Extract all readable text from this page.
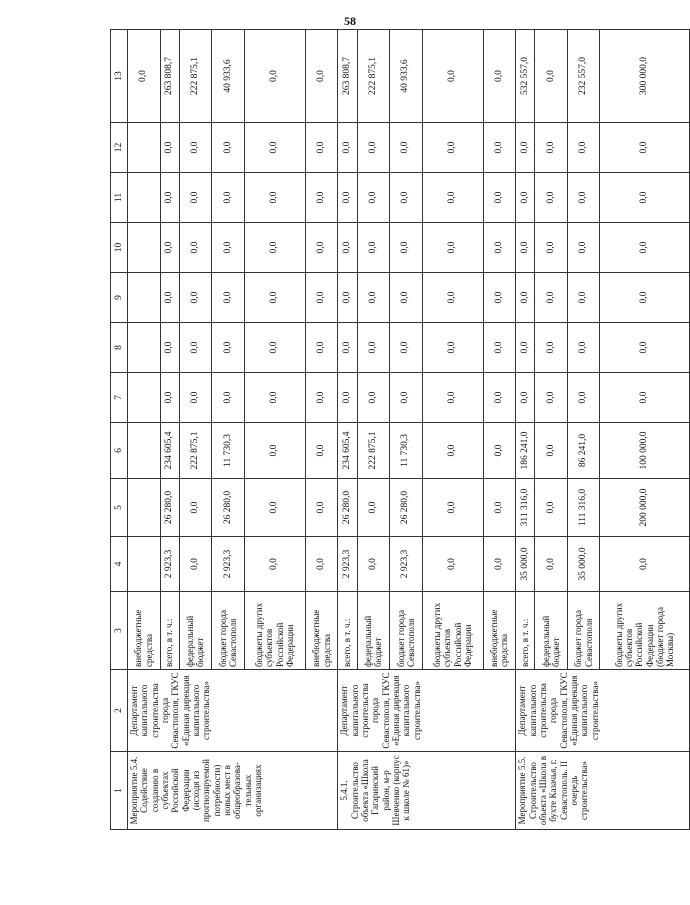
58
1	2	3	4	5	6	7	8	9	10	11	12	13
Мероприятие 5.4. Содействие созданию в субъектах Российской Федерации (исходя из прогнозируемой потребности) новых мест в общеобразова-тельных организациях	Департамент капитального строительства города Севастополя, ГКУС «Единая дирекция капитального строительства»	внебюджетные средства										0,0
		всего, в т. ч.:	2 923,3	26 280,0	234 605,4	0,0	0,0	0,0	0,0	0,0	0,0	263 808,7
		федеральный бюджет	0,0	0,0	222 875,1	0,0	0,0	0,0	0,0	0,0	0,0	222 875,1
		бюджет города Севастополя	2 923,3	26 280,0	11 730,3	0,0	0,0	0,0	0,0	0,0	0,0	40 933,6
		бюджеты других субъектов Российской Федерации	0,0	0,0	0,0	0,0	0,0	0,0	0,0	0,0	0,0	0,0
		внебюджетные средства	0,0	0,0	0,0	0,0	0,0	0,0	0,0	0,0	0,0	0,0
5.4.1. Строительство объекта «Школа Гагаринский район, м-р Шевченко (корпус к школе № 61)»	Департамент капитального строительства города Севастополя, ГКУС «Единая дирекция капитального строительства»	всего, в т. ч.:	2 923,3	26 280,0	234 605,4	0,0	0,0	0,0	0,0	0,0	0,0	263 808,7
		федеральный бюджет	0,0	0,0	222 875,1	0,0	0,0	0,0	0,0	0,0	0,0	222 875,1
		бюджет города Севастополя	2 923,3	26 280,0	11 730,3	0,0	0,0	0,0	0,0	0,0	0,0	40 933,6
		бюджеты других субъектов Российской Федерации	0,0	0,0	0,0	0,0	0,0	0,0	0,0	0,0	0,0	0,0
		внебюджетные средства	0,0	0,0	0,0	0,0	0,0	0,0	0,0	0,0	0,0	0,0
Мероприятие 5.5. Строительство объекта «Школа в бухте Казачья, г. Севастополь. II очередь строительства»	Департамент капитального строительства города Севастополя, ГКУС «Единая дирекция капитального строительства»	всего, в т. ч.:	35 000,0	311 316,0	186 241,0	0,0	0,0	0,0	0,0	0,0	0,0	532 557,0
		федеральный бюджет	0,0	0,0	0,0	0,0	0,0	0,0	0,0	0,0	0,0	0,0
		бюджет города Севастополя	35 000,0	111 316,0	86 241,0	0,0	0,0	0,0	0,0	0,0	0,0	232 557,0
		бюджеты других субъектов Российской Федерации (бюджет города Москвы)	0,0	200 000,0	100 000,0	0,0	0,0	0,0	0,0	0,0	0,0	300 000,0
